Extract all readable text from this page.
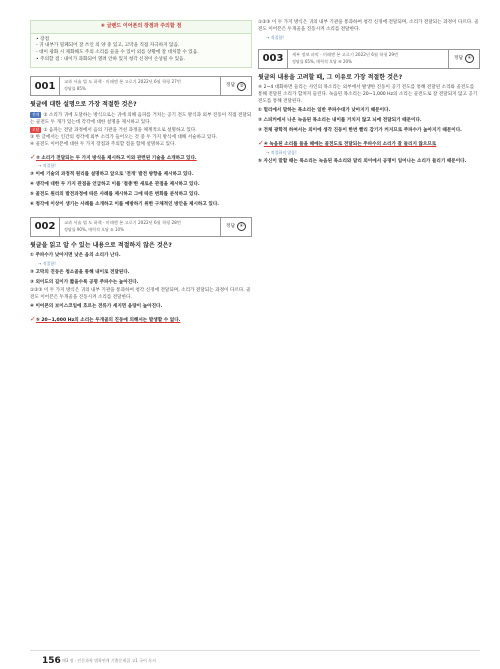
⑥ 글렌드 이어폰의 장점과 주의할 점

• 장점

- 귀 내부가 밀폐되어 잘 쓰인 의 양 중 있고, 고막을 직접 자극하지 않음.

- 대이 광화 시 제화해도 주의 소리를 들을 수 있어 외를 상황에 잘 대처할 수 있음.

• 주의할 점 : 내이가 과화되어 열려 안하 있지 청각 신경이 손상될 수 있음.

001	교과 서술 법 도 하책 · 미래엔 본 고로기 2022년 6월 학평 27번
정답률 85%	정답 ②

윗글에 대한 설명으로 가장 적절한 것은?

전개 ② 소리가 귀에 도달하는 방식으로는 귀에 의해 음파를 거치는 공기 전도 방식과 외부 진동이 직접 전달되는 골전도 두 개가 있는데 각각에 대한 설명을 제시하고 있다.

오답 ① 음파는 전달 과정에서 음의 기관을 거친 과정을 체계적으로 설명하고 있다.

③ 한 글에서는 인간의 청각에 외부 소리가 들어오는 것 중 두 가지 방식에 대해 서술하고 있다.

④ 골전도 이어폰에 대한 두 가지 장점과 주의할 점을 함께 설명하고 있다.

✓② 소리가 전달되는 두 가지 방식을 제시하고 이와 관련된 기술을 소개하고 있다.

→ 적절함!

③ 이에 기술의 과정적 원리를 설명하고 앞으로 '전개' 발전 방향을 제시하고 있다.

④ 생각에 대한 두 가지 관점을 언급하고 이를 '절충'한 새로운 관점을 제시하고 있다.

⑤ 골전도 원리의 발전과정에 따른 사례를 제시하고 그에 따른 변화를 분석하고 있다.

⑥ 청각에 이상이 생기는 사례를 소개하고 이를 예방하기 위한 구체적인 방안을 제시하고 있다.

002	교과 서술 법 도 하책 · 미래엔 본 고로기 2022년 6월 학평 28번
정답률 90%, 매력적 오답 ⑤ 10%	정답 ④

윗글을 읽고 알 수 있는 내용으로 적절하지 않은 것은?

① 주파수가 낮아지면 낮은 음의 소리가 난다.

→ 적절함!

② 고막의 진동은 청소골을 통해 내이로 전달된다.

③ 외이도의 길이가 짧을수록 공명 주파수는 높아진다.

①②③ 이 두 가지 방식은 귀의 내부 기관을 통과하여 청각 신경에 전달되며, 소리가 전달되는 과정이 다르다. 골전도 이어폰은 두개골을 진동시켜 소리를 전달한다.

④ 이어폰의 보이스코일에 흐르는 전류가 세지면 음량이 높아진다.

✓⑤ 20~1,000 Hz의 소리는 두개골의 진동에 의해서는 발생할 수 없다.

①②③ 이 두 가지 방식은 귀의 내부 기관을 통과하여 청각 신경에 전달되며, 소리가 전달되는 과정이 다르다. 골전도 이어폰은 두개골을 진동시켜 소리를 전달한다.

→ 적절함!

003	세부 정보 파악 · 미래엔 본 고로기 2022년 6월 학평 29번
정답률 65%, 매력적 오답 ④ 20%	정답 ④

윗글의 내용을 고려할 때, 그 이유로 가장 적절한 것은?

④ 2~4 대화하면 들리는 사인의 목소리는 외부에서 발생한 진동이 공기 전도를 통해 전달된 소리와 골전도를 통해 전달된 소리가 합쳐져 들린다. 녹음된 목소리는 20~1,000 Hz의 소리는 골전도로 잘 전달되지 않고 공기 전도를 통해 전달된다.

① 멀리에서 말하는 목소리는 일반 주파수대가 낮아지기 때문이다.

② 스피커에서 나온 녹음된 목소리는 내이를 거치지 않고 뇌에 전달되기 때문이다.

③ 전체 광학적 하여서는 외이에 생각 진동이 한번 빨리 감기가 커지므로 주파수가 높아지기 때문이다.

✓④ 녹음된 소리를 들을 때에는 골전도로 전달되는 주파수의 소리가 잘 들리지 않으므로

→ 적절하지 않음!

⑤ 자신이 말할 때는 목소리는 녹음된 목소리와 달리 외이에서 공명이 일어나는 소리가 들리기 때문이다.

156 매3 정 · 인문과학 법학연계 기출문제집 고1 국어 독서
